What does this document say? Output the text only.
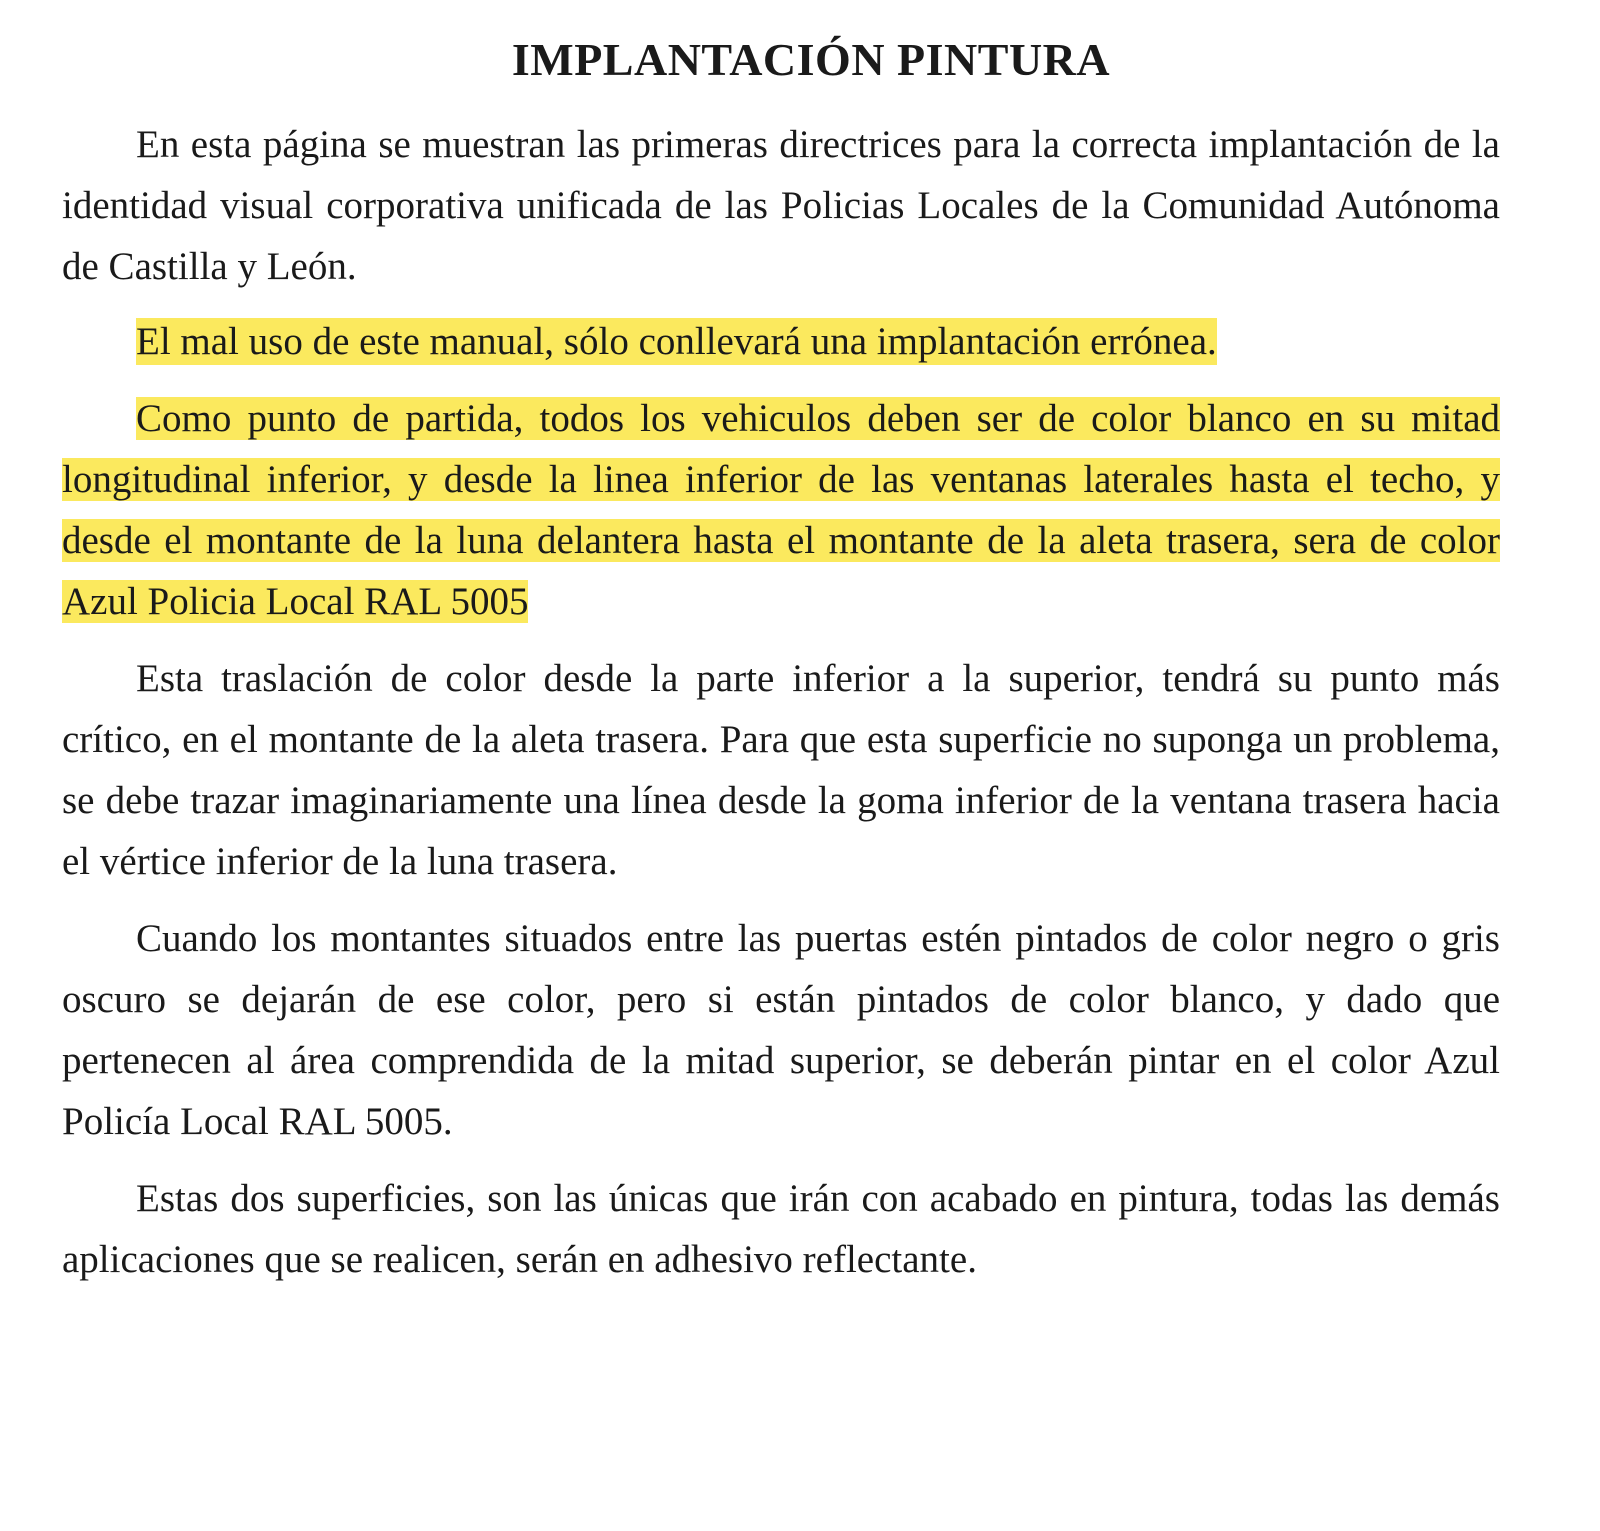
IMPLANTACIÓN PINTURA

En esta página se muestran las primeras directrices para la correcta implantación de la identidad visual corporativa unificada de las Policias Locales de la Comunidad Autónoma de Castilla y León.

El mal uso de este manual, sólo conllevará una implantación errónea.

Como punto de partida, todos los vehiculos deben ser de color blanco en su mitad longitudinal inferior, y desde la linea inferior de las ventanas laterales hasta el techo, y desde el montante de la luna delantera hasta el montante de la aleta trasera, sera de color Azul Policia Local RAL 5005

Esta traslación de color desde la parte inferior a la superior, tendrá su punto más crítico, en el montante de la aleta trasera. Para que esta superficie no suponga un problema, se debe trazar imaginariamente una línea desde la goma inferior de la ventana trasera hacia el vértice inferior de la luna trasera.

Cuando los montantes situados entre las puertas estén pintados de color negro o gris oscuro se dejarán de ese color, pero si están pintados de color blanco, y dado que pertenecen al área comprendida de la mitad superior, se deberán pintar en el color Azul Policía Local RAL 5005.

Estas dos superficies, son las únicas que irán con acabado en pintura, todas las demás aplicaciones que se realicen, serán en adhesivo reflectante.
